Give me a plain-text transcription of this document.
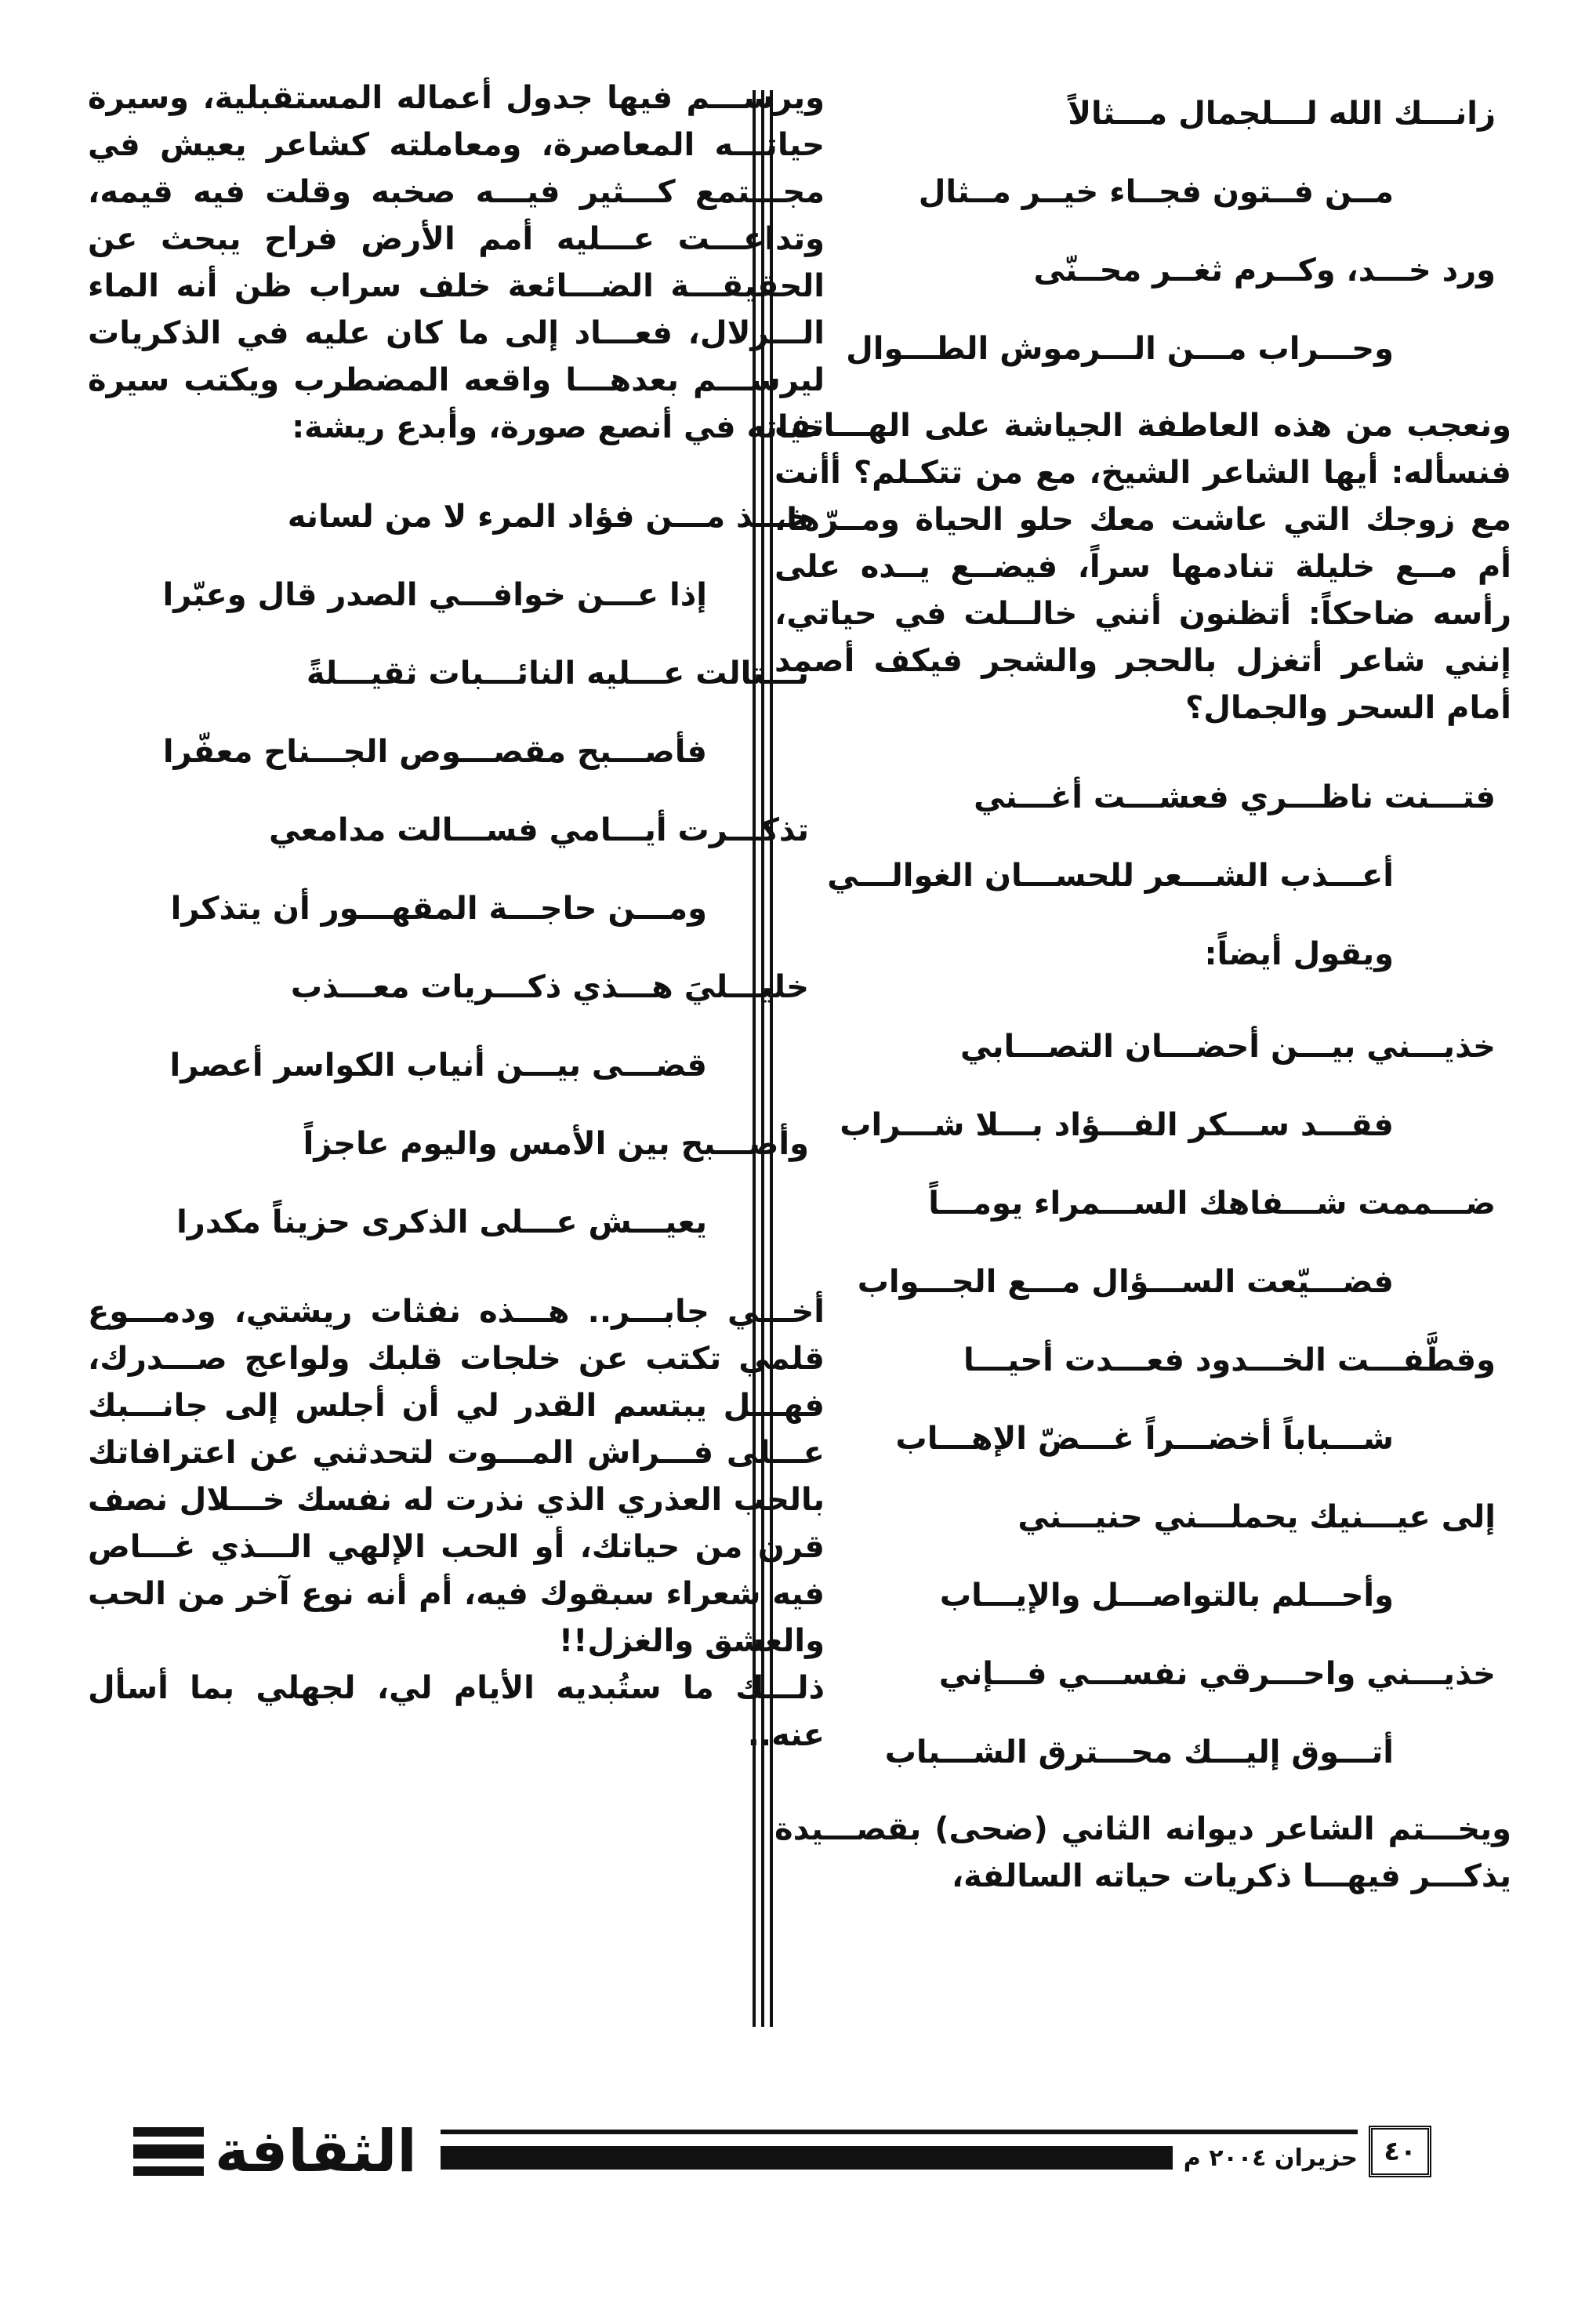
زانـــك الله لـــلجمال مـــثالاً
مــن فــتون فجــاء خيــر مــثال
ورد خـــد، وكــرم ثغــر محــنّى
وحـــراب مـــن الـــرموش الطـــوال

ونعجب من هذه العاطفة الجياشة على الهـــاتف فنسأله: أيها الشاعر الشيخ، مع من تتكـلم؟ أأنت مع زوجك التي عاشت معك حلو الحياة ومــرّها، أم مــع خليلة تنادمها سراً، فيضــع يــده على رأسه ضاحكاً: أتظنون أنني خالــلت في حياتي، إنني شاعر أتغزل بالحجر والشجر فيكف أصمد أمام السحر والجمال؟

فتـــنت ناظـــري فعشـــت أغـــني
أعـــذب الشـــعر للحســـان الغوالـــي
ويقول أيضاً:
خذيـــني بيـــن أحضـــان التصـــابي
فقـــد ســـكر الفـــؤاد بـــلا شـــراب
ضـــممت شـــفاهك الســـمراء يومـــاً
فضـــيّعت الســـؤال مـــع الجـــواب
وقطَّفـــت الخـــدود فعـــدت أحيـــا
شـــباباً أخضـــراً غـــضّ الإهـــاب
إلى عيـــنيك يحملـــني حنيـــني
وأحـــلم بالتواصـــل والإيـــاب
خذيـــني واحـــرقي نفســـي فـــإني
أتـــوق إليـــك محـــترق الشـــباب

ويخـــتم الشاعر ديوانه الثاني (ضحى) بقصـــيدة يذكـــر فيهـــا ذكريات حياته السالفة،

ويرســـم فيها جدول أعماله المستقبلية، وسيرة حياتـــه المعاصرة، ومعاملته كشاعر يعيش في مجـــتمع كـــثير فيـــه صخبه وقلت فيه قيمه، وتداعـــت عـــليه أمم الأرض فراح يبحث عن الحقيقـــة الضـــائعة خلف سراب ظن أنه الماء الـــزلال، فعـــاد إلى ما كان عليه في الذكريات ليرســـم بعدهـــا واقعه المضطرب ويكتب سيرة حياته في أنصع صورة، وأبدع ريشة:

خـــذ مـــن فؤاد المرء لا من لسانه
إذا عـــن خوافـــي الصدر قال وعبّرا
تـــتالت عـــليه النائـــبات ثقيـــلةً
فأصـــبح مقصـــوص الجـــناح معفّرا
تذكـــرت أيـــامي فســـالت مدامعي
ومـــن حاجـــة المقهـــور أن يتذكرا
خليـــليَ هـــذي ذكـــريات معـــذب
قضـــى بيـــن أنياب الكواسر أعصرا
وأصـــبح بين الأمس واليوم عاجزاً
يعيـــش عـــلى الذكرى حزيناً مكدرا

أخـــي جابـــر.. هـــذه نفثات ريشتي، ودمـــوع قلمي تكتب عن خلجات قلبك ولواعج صـــدرك، فهـــل يبتسم القدر لي أن أجلس إلى جانـــبك عـــلى فـــراش المـــوت لتحدثني عن اعترافاتك بالحب العذري الذي نذرت له نفسك خـــلال نصف قرن من حياتك، أو الحب الإلهي الـــذي غـــاص فيه شعراء سبقوك فيه، أم أنه نوع آخر من الحب والعشق والغزل!!

ذلـــك ما ستُبديه الأيام لي، لجهلي بما أسأل عنه..

الثقافة	حزيران ٢٠٠٤ م ٤٠
